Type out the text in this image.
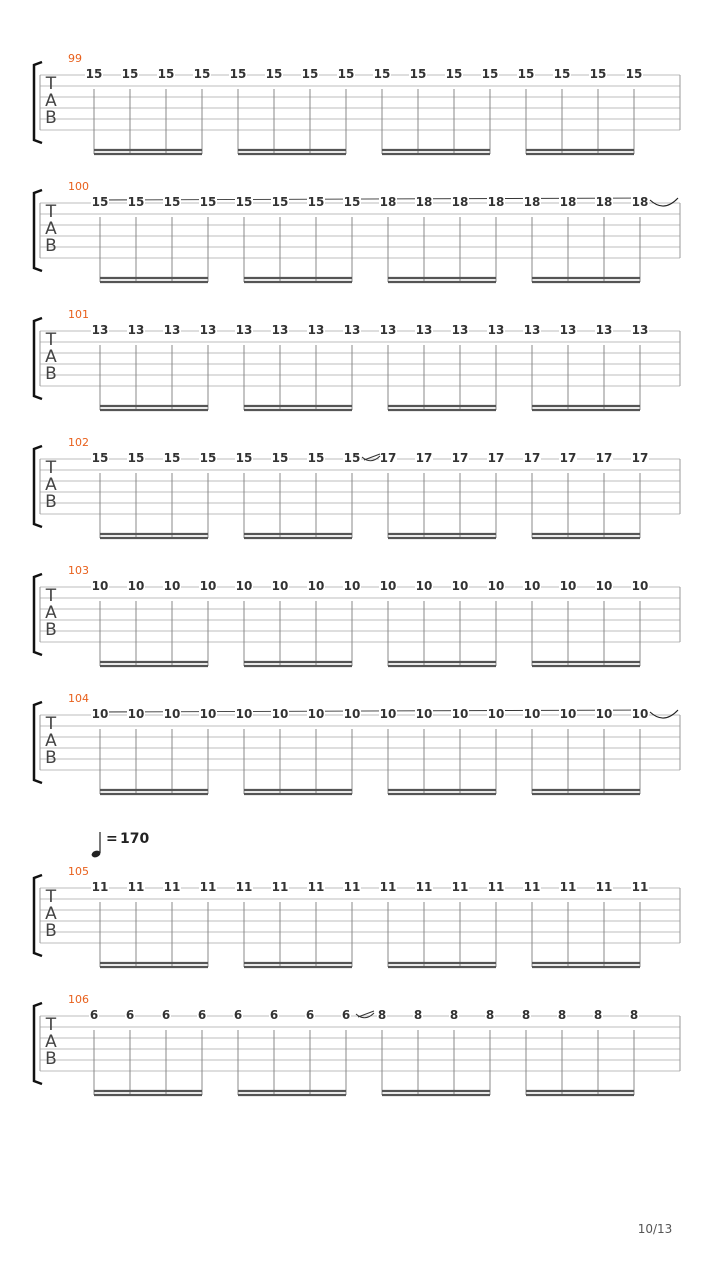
T
A
B
99
15 15 15 15 15 15 15 15 15 15 15 15 15 15 15 15
T
A
B
100
15 15 15 15 15 15 15 15 18 18 18 18 18 18 18 18
T
A
B
101
13 13 13 13 13 13 13 13 13 13 13 13 13 13 13 13
T
A
B
102
15 15 15 15 15 15 15 15 17 17 17 17 17 17 17 17
T
A
B
103
10 10 10 10 10 10 10 10 10 10 10 10 10 10 10 10
T
A
B
104
10 10 10 10 10 10 10 10 10 10 10 10 10 10 10 10
T
A
B
105
11 11 11 11 11 11 11 11 11 11 11 11 11 11 11 11
T
A
B
106
6 6 6 6 6 6 6 6 8 8 8 8 8 8 8 8
= 170
10/13
